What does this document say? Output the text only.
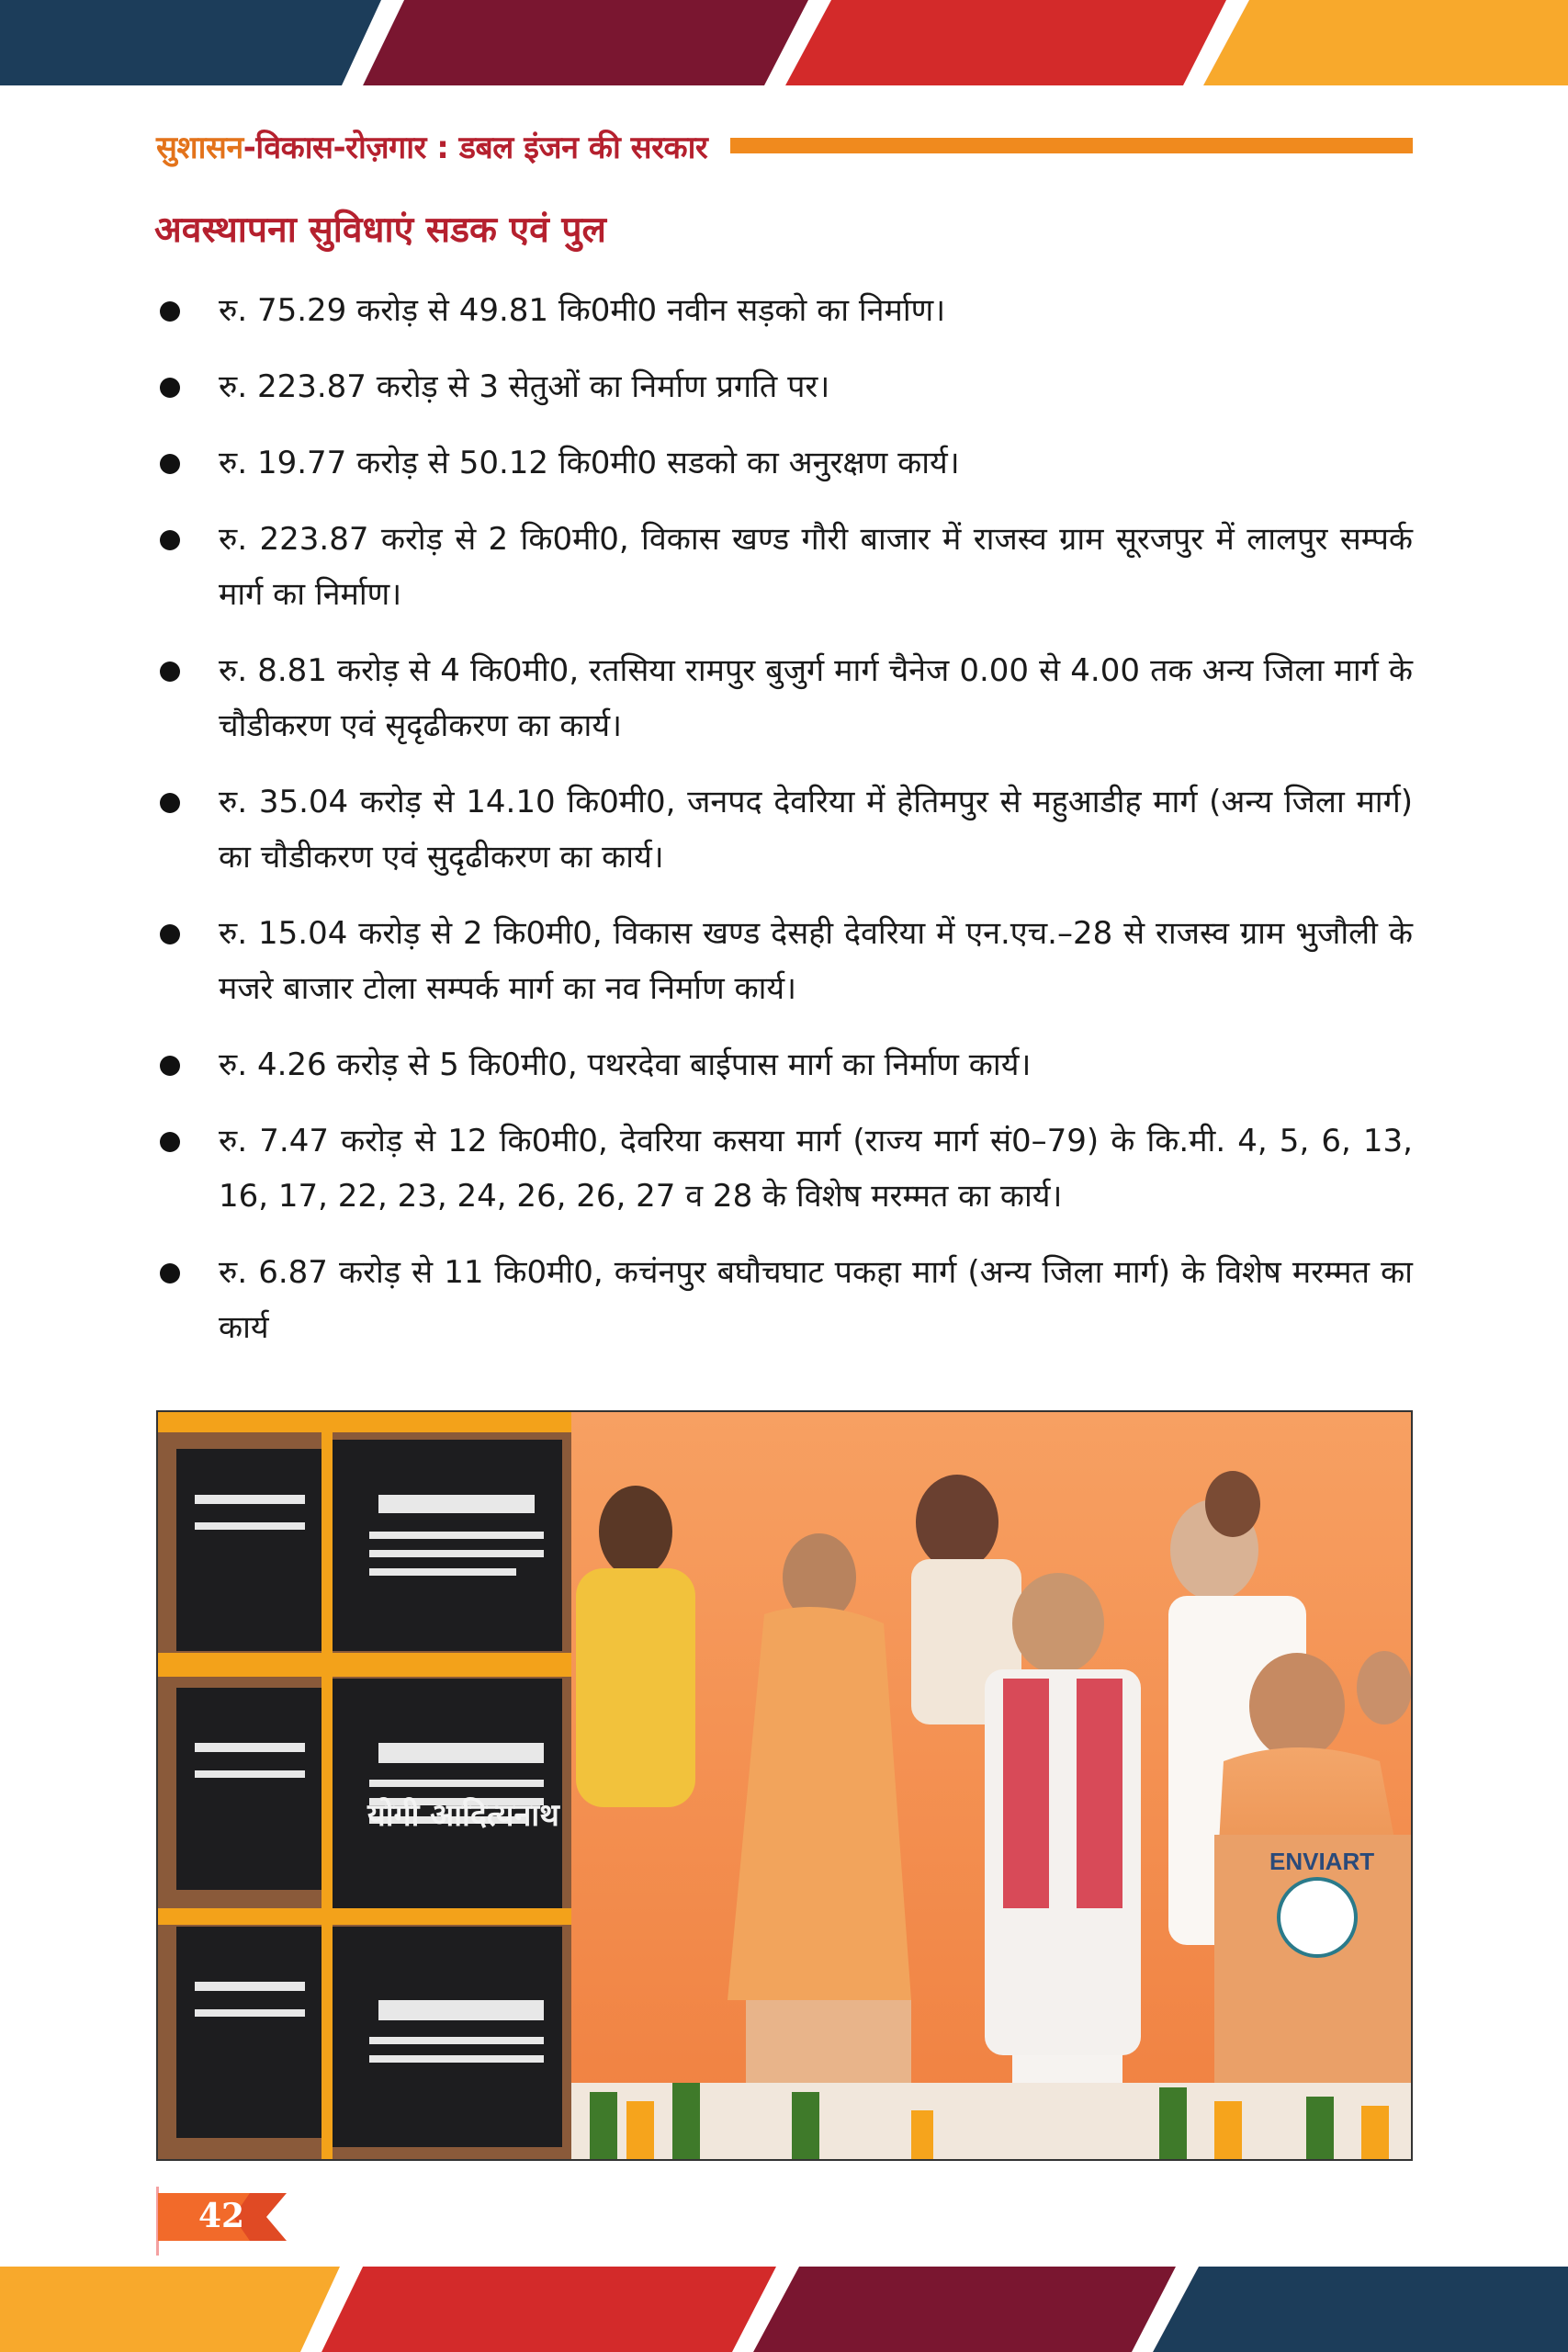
सुशासन-विकास-रोज़गार : डबल इंजन की सरकार
अवस्थापना सुविधाएं सडक एवं पुल
रु. 75.29 करोड़ से 49.81 कि0मी0 नवीन सड़को का निर्माण।
रु. 223.87 करोड़ से 3 सेतुओं का निर्माण प्रगति पर।
रु. 19.77 करोड़ से 50.12 कि0मी0 सडको का अनुरक्षण कार्य।
रु. 223.87 करोड़ से 2 कि0मी0, विकास खण्ड गौरी बाजार में राजस्व ग्राम सूरजपुर में लालपुर सम्पर्क मार्ग का निर्माण।
रु. 8.81 करोड़ से 4 कि0मी0, रतसिया रामपुर बुजुर्ग मार्ग चैनेज 0.00 से 4.00 तक अन्य जिला मार्ग के चौडीकरण एवं सृदृढीकरण का कार्य।
रु. 35.04 करोड़ से 14.10 कि0मी0, जनपद देवरिया में हेतिमपुर से महुआडीह मार्ग (अन्य जिला मार्ग) का चौडीकरण एवं सुदृढीकरण का कार्य।
रु. 15.04 करोड़ से 2 कि0मी0, विकास खण्ड देसही देवरिया में एन.एच.–28 से राजस्व ग्राम भुजौली के मजरे बाजार टोला सम्पर्क मार्ग का नव निर्माण कार्य।
रु. 4.26 करोड़ से 5 कि0मी0, पथरदेवा बाईपास मार्ग का निर्माण कार्य।
रु. 7.47 करोड़ से 12 कि0मी0, देवरिया कसया मार्ग (राज्य मार्ग सं0–79) के कि.मी. 4, 5, 6, 13, 16, 17, 22, 23, 24, 26, 26, 27 व 28 के विशेष मरम्मत का कार्य।
रु. 6.87 करोड़ से 11 कि0मी0, कचंनपुर बघौचघाट पकहा मार्ग (अन्य जिला मार्ग) के विशेष मरम्मत का कार्य
ENVIART
योगी आदित्यनाथ
42
